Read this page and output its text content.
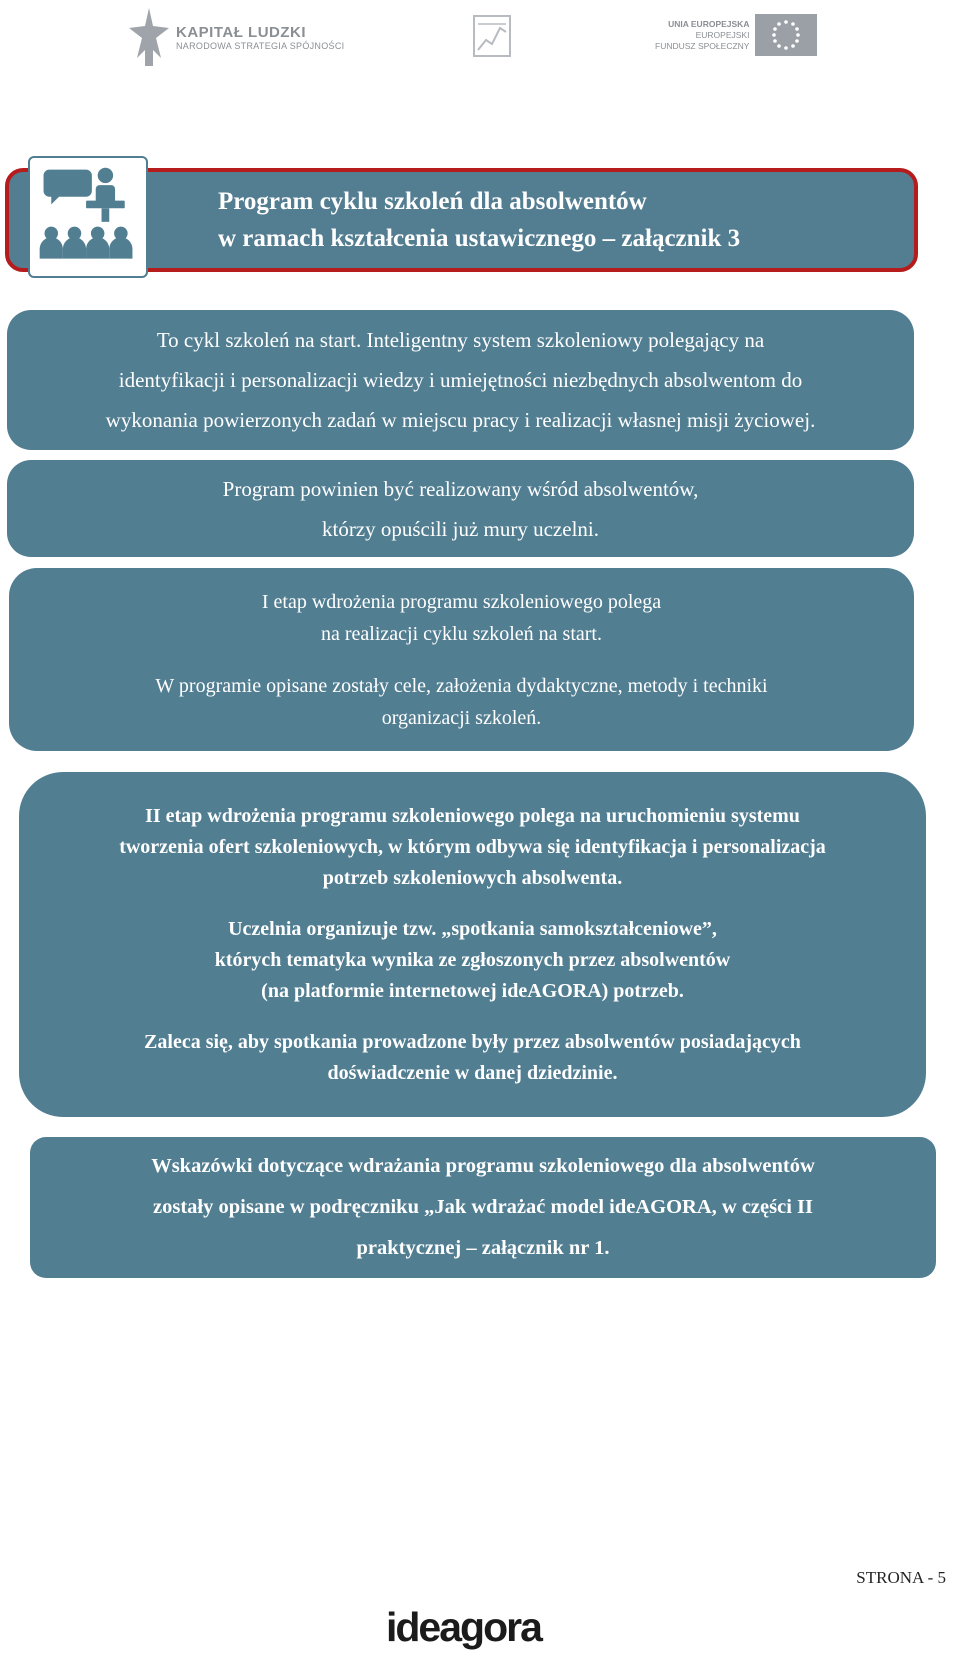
KAPITAŁ LUDZKI
NARODOWA STRATEGIA SPÓJNOŚCI
UNIA EUROPEJSKA
EUROPEJSKI
FUNDUSZ SPOŁECZNY
Program cyklu szkoleń dla absolwentów
w ramach kształcenia ustawicznego – załącznik 3

To cykl szkoleń na start. Inteligentny system szkoleniowy polegający na

identyfikacji i personalizacji wiedzy i umiejętności niezbędnych absolwentom do

wykonania powierzonych zadań w miejscu pracy i realizacji własnej misji życiowej.

Program powinien być realizowany wśród absolwentów,

którzy opuścili już mury uczelni.

I etap wdrożenia programu szkoleniowego polega

na realizacji cyklu szkoleń na start.

W programie opisane zostały cele, założenia dydaktyczne, metody i techniki

organizacji szkoleń.

II etap wdrożenia programu szkoleniowego polega na uruchomieniu systemu

tworzenia ofert szkoleniowych, w którym odbywa się identyfikacja i personalizacja

potrzeb szkoleniowych absolwenta.

Uczelnia organizuje tzw. „spotkania samokształceniowe”,

których tematyka wynika ze zgłoszonych przez absolwentów

(na platformie internetowej ideAGORA) potrzeb.

Zaleca się, aby spotkania prowadzone były przez absolwentów posiadających

doświadczenie w danej dziedzinie.

Wskazówki dotyczące wdrażania programu szkoleniowego dla absolwentów

zostały opisane w podręczniku „Jak wdrażać model ideAGORA, w części II

praktycznej – załącznik nr 1.

STRONA - 5
ideagora
